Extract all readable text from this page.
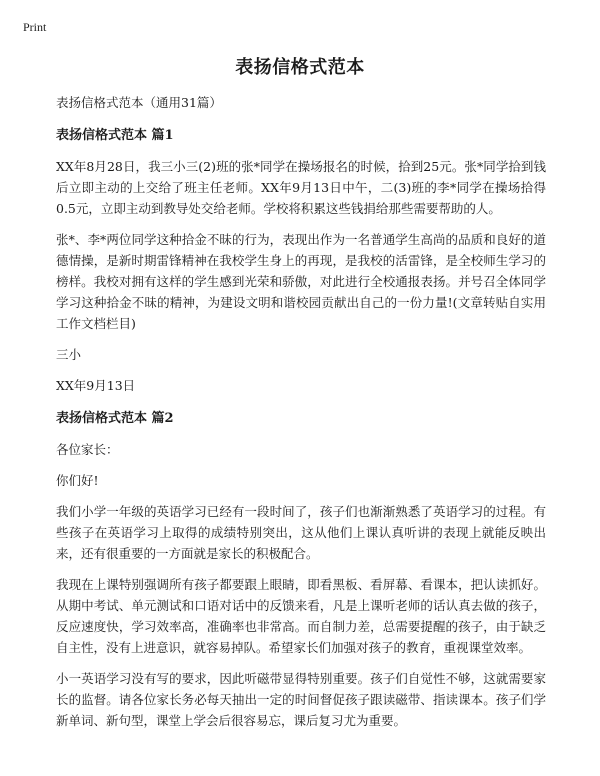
Print
表扬信格式范本

表扬信格式范本（通用31篇）

表扬信格式范本 篇1

XX年8月28日，我三小三(2)班的张*同学在操场报名的时候，拾到25元。张*同学拾到钱后立即主动的上交给了班主任老师。XX年9月13日中午，二(3)班的李*同学在操场拾得0.5元，立即主动到教导处交给老师。学校将积累这些钱捐给那些需要帮助的人。

张*、李*两位同学这种拾金不昧的行为，表现出作为一名普通学生高尚的品质和良好的道德情操，是新时期雷锋精神在我校学生身上的再现，是我校的活雷锋，是全校师生学习的榜样。我校对拥有这样的学生感到光荣和骄傲，对此进行全校通报表扬。并号召全体同学学习这种拾金不昧的精神，为建设文明和谐校园贡献出自己的一份力量!(文章转贴自实用工作文档栏目)

三小

XX年9月13日

表扬信格式范本 篇2

各位家长：

你们好!

我们小学一年级的英语学习已经有一段时间了，孩子们也渐渐熟悉了英语学习的过程。有些孩子在英语学习上取得的成绩特别突出，这从他们上课认真听讲的表现上就能反映出来，还有很重要的一方面就是家长的积极配合。

我现在上课特别强调所有孩子都要跟上眼睛，即看黑板、看屏幕、看课本，把认读抓好。从期中考试、单元测试和口语对话中的反馈来看，凡是上课听老师的话认真去做的孩子，反应速度快，学习效率高，准确率也非常高。而自制力差，总需要提醒的孩子，由于缺乏自主性，没有上进意识，就容易掉队。希望家长们加强对孩子的教育，重视课堂效率。

小一英语学习没有写的要求，因此听磁带显得特别重要。孩子们自觉性不够，这就需要家长的监督。请各位家长务必每天抽出一定的时间督促孩子跟读磁带、指读课本。孩子们学新单词、新句型，课堂上学会后很容易忘，课后复习尤为重要。
